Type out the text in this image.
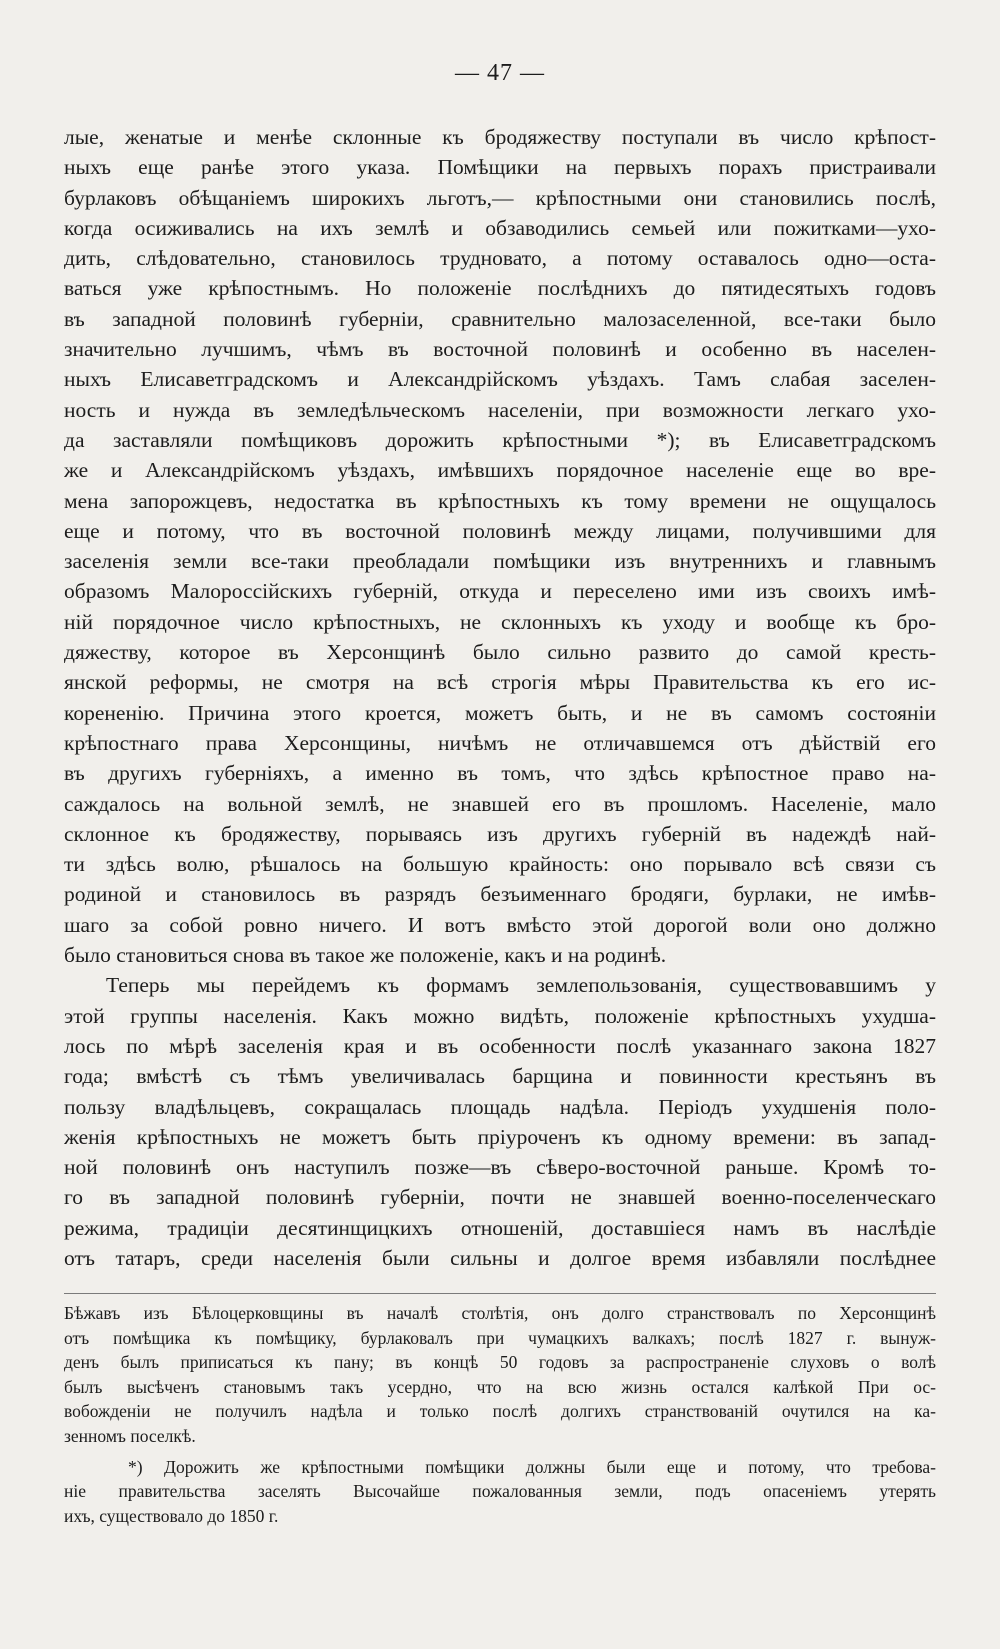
— 47 —
лые, женатые и менѣе склонные къ бродяжеству поступали въ число крѣпост-
ныхъ еще ранѣе этого указа. Помѣщики на первыхъ порахъ пристраивали
бурлаковъ обѣщаніемъ широкихъ льготъ,— крѣпостными они становились послѣ,
когда осиживались на ихъ землѣ и обзаводились семьей или пожитками—ухо-
дить, слѣдовательно, становилось трудновато, а потому оставалось одно—оста-
ваться уже крѣпостнымъ. Но положеніе послѣднихъ до пятидесятыхъ годовъ
въ западной половинѣ губерніи, сравнительно малозаселенной, все-таки было
значительно лучшимъ, чѣмъ въ восточной половинѣ и особенно въ населен-
ныхъ Елисаветградскомъ и Александрійскомъ уѣздахъ. Тамъ слабая заселен-
ность и нужда въ земледѣльческомъ населеніи, при возможности легкаго ухо-
да заставляли помѣщиковъ дорожить крѣпостными *); въ Елисаветградскомъ
же и Александрійскомъ уѣздахъ, имѣвшихъ порядочное населеніе еще во вре-
мена запорожцевъ, недостатка въ крѣпостныхъ къ тому времени не ощущалось
еще и потому, что въ восточной половинѣ между лицами, получившими для
заселенія земли все-таки преобладали помѣщики изъ внутреннихъ и главнымъ
образомъ Малороссійскихъ губерній, откуда и переселено ими изъ своихъ имѣ-
ній порядочное число крѣпостныхъ, не склонныхъ къ уходу и вообще къ бро-
дяжеству, которое въ Херсонщинѣ было сильно развито до самой кресть-
янской реформы, не смотря на всѣ строгія мѣры Правительства къ его ис-
корененію. Причина этого кроется, можетъ быть, и не въ самомъ состояніи
крѣпостнаго права Херсонщины, ничѣмъ не отличавшемся отъ дѣйствій его
въ другихъ губерніяхъ, а именно въ томъ, что здѣсь крѣпостное право на-
саждалось на вольной землѣ, не знавшей его въ прошломъ. Населеніе, мало
склонное къ бродяжеству, порываясь изъ другихъ губерній въ надеждѣ най-
ти здѣсь волю, рѣшалось на большую крайность: оно порывало всѣ связи съ
родиной и становилось въ разрядъ безъименнаго бродяги, бурлаки, не имѣв-
шаго за собой ровно ничего. И вотъ вмѣсто этой дорогой воли оно должно
было становиться снова въ такое же положеніе, какъ и на родинѣ.
Теперь мы перейдемъ къ формамъ землепользованія, существовавшимъ у
этой группы населенія. Какъ можно видѣть, положеніе крѣпостныхъ ухудша-
лось по мѣрѣ заселенія края и въ особенности послѣ указаннаго закона 1827
года; вмѣстѣ съ тѣмъ увеличивалась барщина и повинности крестьянъ въ
пользу владѣльцевъ, сокращалась площадь надѣла. Періодъ ухудшенія поло-
женія крѣпостныхъ не можетъ быть пріуроченъ къ одному времени: въ запад-
ной половинѣ онъ наступилъ позже—въ сѣверо-восточной раньше. Кромѣ то-
го въ западной половинѣ губерніи, почти не знавшей военно-поселенческаго
режима, традиціи десятинщицкихъ отношеній, доставшіеся намъ въ наслѣдіе
отъ татаръ, среди населенія были сильны и долгое время избавляли послѣднее
Бѣжавъ изъ Бѣлоцерковщины въ началѣ столѣтія, онъ долго странствовалъ по Херсонщинѣ
отъ помѣщика къ помѣщику, бурлаковалъ при чумацкихъ валкахъ; послѣ 1827 г. вынуж-
денъ былъ приписаться къ пану; въ концѣ 50 годовъ за распространеніе слуховъ о волѣ
былъ высѣченъ становымъ такъ усердно, что на всю жизнь остался калѣкой При ос-
вобожденіи не получилъ надѣла и только послѣ долгихъ странствованій очутился на ка-
зенномъ поселкѣ.
*) Дорожить же крѣпостными помѣщики должны были еще и потому, что требова-
ніе правительства заселять Высочайше пожалованныя земли, подъ опасеніемъ утерять
ихъ, существовало до 1850 г.
